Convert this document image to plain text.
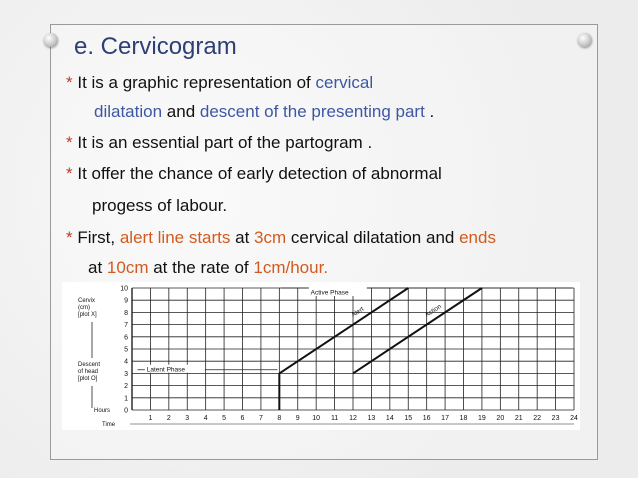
e. Cervicogram
* It is a graphic representation of cervical
dilatation and descent of the presenting part .
* It is an essential part of the partogram .
* It offer the chance of early detection of abnormal
progess of labour.
* First, alert line starts at 3cm cervical dilatation and ends
at 10cm at the rate of 1cm/hour.
1 2 3 4 5 6 7 8 9 10 11 12 13 14 15 16 17 18 19 20 21 22 23 24
0
1
2
3
4
5
6
7
8
9
10
Cervix
(cm)
[plot X]
Descent
of head
[plot O]
Hours
Time
Latent Phase
Active Phase
Alert	Action
